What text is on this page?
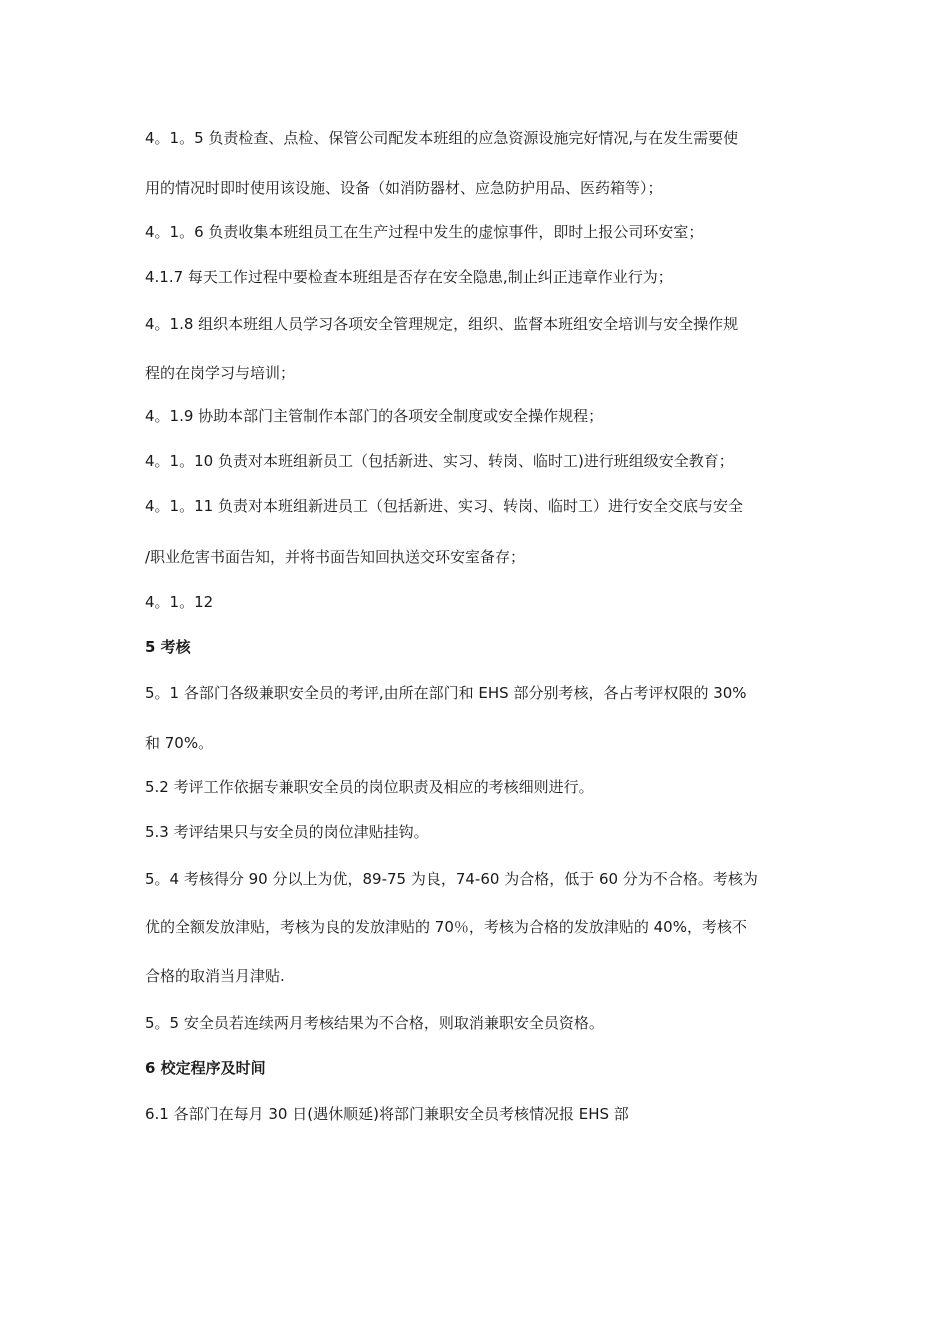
4。1。5 负责检查、点检、保管公司配发本班组的应急资源设施完好情况,与在发生需要使
用的情况时即时使用该设施、设备（如消防器材、应急防护用品、医药箱等）；
4。1。6 负责收集本班组员工在生产过程中发生的虚惊事件，即时上报公司环安室；
4.1.7 每天工作过程中要检查本班组是否存在安全隐患,制止纠正违章作业行为；
4。1.8 组织本班组人员学习各项安全管理规定，组织、监督本班组安全培训与安全操作规
程的在岗学习与培训；
4。1.9 协助本部门主管制作本部门的各项安全制度或安全操作规程；
4。1。10 负责对本班组新员工（包括新进、实习、转岗、临时工)进行班组级安全教育；
4。1。11 负责对本班组新进员工（包括新进、实习、转岗、临时工）进行安全交底与安全
/职业危害书面告知，并将书面告知回执送交环安室备存；
4。1。12
5 考核
5。1 各部门各级兼职安全员的考评,由所在部门和 EHS 部分别考核，各占考评权限的 30%
和 70%。
5.2 考评工作依据专兼职安全员的岗位职责及相应的考核细则进行。
5.3 考评结果只与安全员的岗位津贴挂钩。
5。4 考核得分 90 分以上为优，89-75 为良，74-60 为合格，低于 60 分为不合格。考核为
优的全额发放津贴，考核为良的发放津贴的 70％，考核为合格的发放津贴的 40%，考核不
合格的取消当月津贴.
5。5 安全员若连续两月考核结果为不合格，则取消兼职安全员资格。
6 校定程序及时间
6.1 各部门在每月 30 日(遇休顺延)将部门兼职安全员考核情况报 EHS 部
